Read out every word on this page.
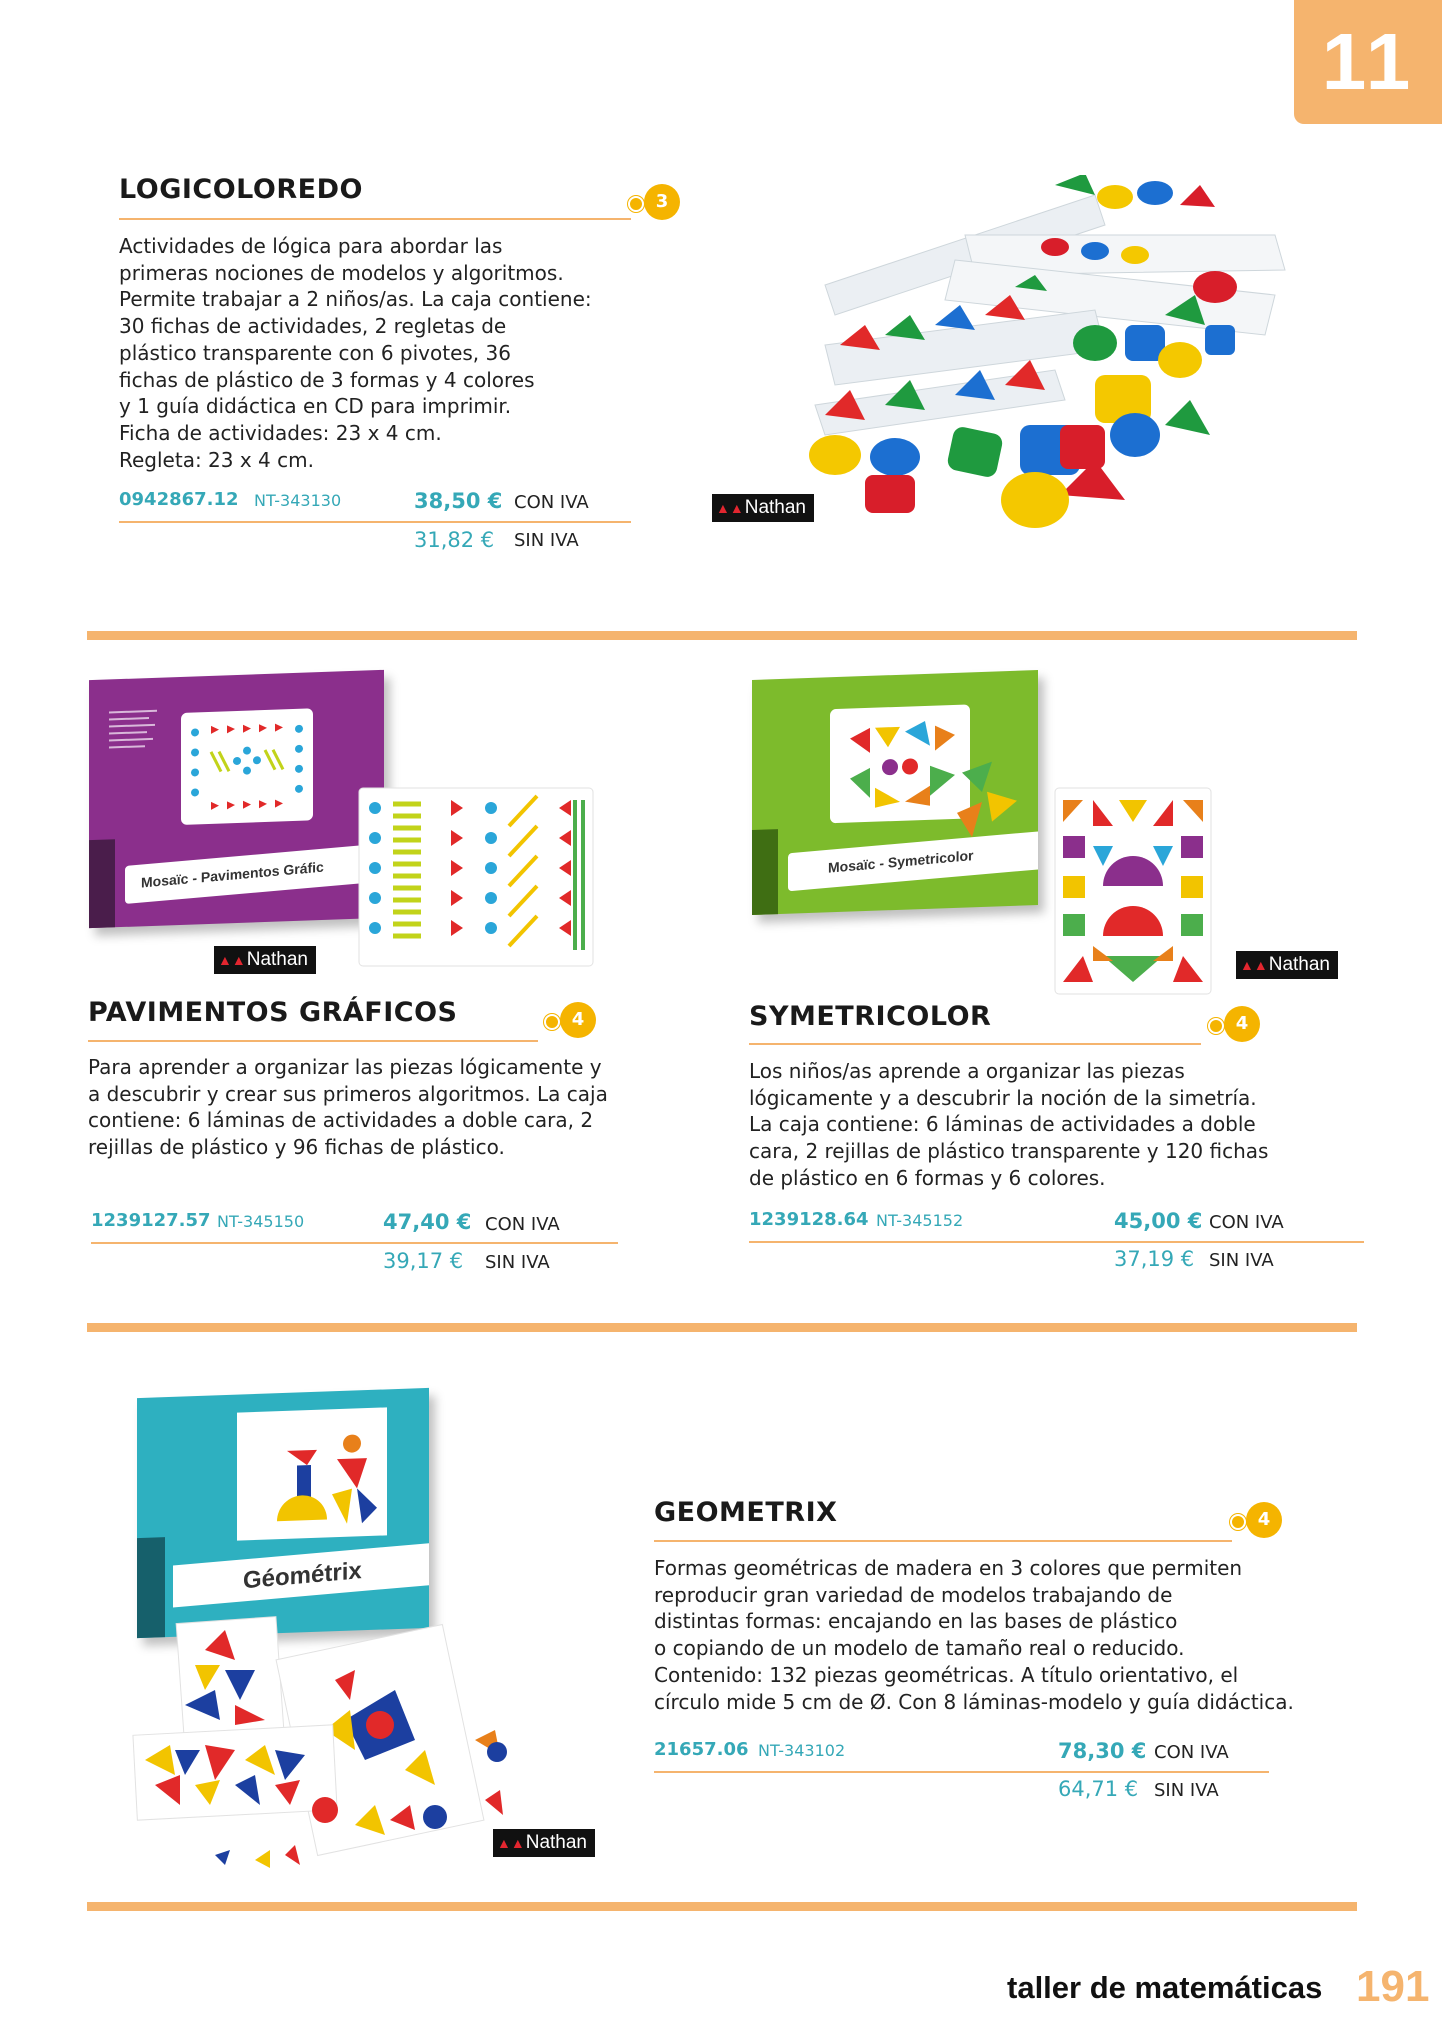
11
LOGICOLOREDO	3
Actividades de lógica para abordar las
primeras nociones de modelos y algoritmos.
Permite trabajar a 2 niños/as. La caja contiene:
30 fichas de actividades, 2 regletas de
plástico transparente con 6 pivotes, 36
fichas de plástico de 3 formas y 4 colores
y 1 guía didáctica en CD para imprimir.
Ficha de actividades: 23 x 4 cm.
Regleta: 23 x 4 cm.
0942867.12 NT-343130	38,50 € CON IVA
31,82 € SIN IVA
▲▲Nathan
Mosaïc - Pavimentos Gráfic
▲▲Nathan
PAVIMENTOS GRÁFICOS	4
Para aprender a organizar las piezas lógicamente y
a descubrir y crear sus primeros algoritmos. La caja
contiene: 6 láminas de actividades a doble cara, 2
rejillas de plástico y 96 fichas de plástico.
1239127.57 NT-345150	47,40 € CON IVA
39,17 € SIN IVA
Mosaïc - Symetricolor
▲▲Nathan
SYMETRICOLOR	4
Los niños/as aprende a organizar las piezas
lógicamente y a descubrir la noción de la simetría.
La caja contiene: 6 láminas de actividades a doble
cara, 2 rejillas de plástico transparente y 120 fichas
de plástico en 6 formas y 6 colores.
1239128.64 NT-345152	45,00 € CON IVA
37,19 € SIN IVA
Géométrix
▲▲Nathan
GEOMETRIX	4
Formas geométricas de madera en 3 colores que permiten
reproducir gran variedad de modelos trabajando de
distintas formas: encajando en las bases de plástico
o copiando de un modelo de tamaño real o reducido.
Contenido: 132 piezas geométricas. A título orientativo, el
círculo mide 5 cm de Ø. Con 8 láminas-modelo y guía didáctica.
21657.06 NT-343102	78,30 € CON IVA
64,71 € SIN IVA
taller de matemáticas 191
